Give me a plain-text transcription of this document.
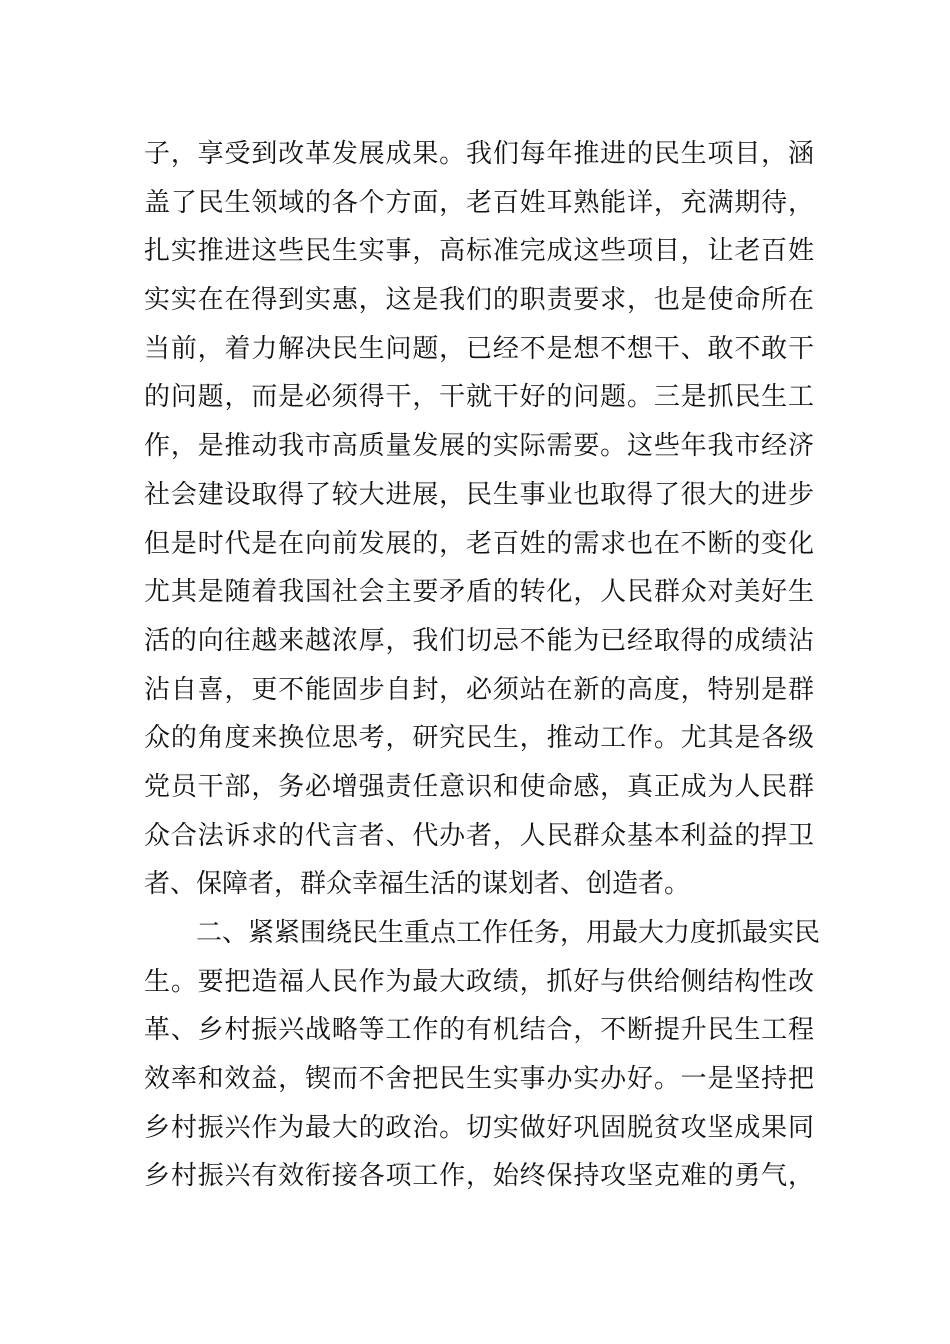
子，享受到改革发展成果。我们每年推进的民生项目，涵
盖了民生领域的各个方面，老百姓耳熟能详，充满期待，
扎实推进这些民生实事，高标准完成这些项目，让老百姓
实实在在得到实惠，这是我们的职责要求，也是使命所在
当前，着力解决民生问题，已经不是想不想干、敢不敢干
的问题，而是必须得干，干就干好的问题。三是抓民生工
作，是推动我市高质量发展的实际需要。这些年我市经济
社会建设取得了较大进展，民生事业也取得了很大的进步
但是时代是在向前发展的，老百姓的需求也在不断的变化
尤其是随着我国社会主要矛盾的转化，人民群众对美好生
活的向往越来越浓厚，我们切忌不能为已经取得的成绩沾
沾自喜，更不能固步自封，必须站在新的高度，特别是群
众的角度来换位思考，研究民生，推动工作。尤其是各级
党员干部，务必增强责任意识和使命感，真正成为人民群
众合法诉求的代言者、代办者，人民群众基本利益的捍卫
者、保障者，群众幸福生活的谋划者、创造者。
二、紧紧围绕民生重点工作任务，用最大力度抓最实民
生。要把造福人民作为最大政绩，抓好与供给侧结构性改
革、乡村振兴战略等工作的有机结合，不断提升民生工程
效率和效益，锲而不舍把民生实事办实办好。一是坚持把
乡村振兴作为最大的政治。切实做好巩固脱贫攻坚成果同
乡村振兴有效衔接各项工作，始终保持攻坚克难的勇气，
